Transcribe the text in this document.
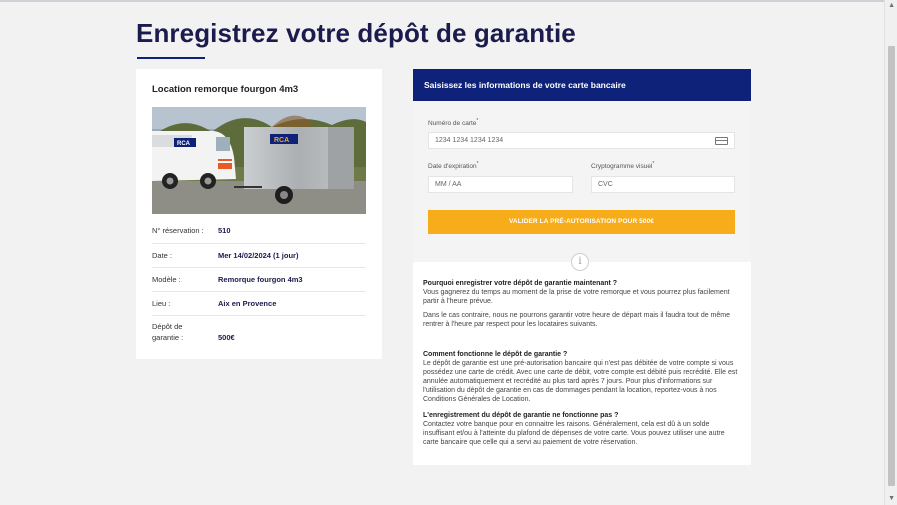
Enregistrez votre dépôt de garantie
Location remorque fourgon 4m3
RCA	RCA
N° réservation : 510
Date :	Mer 14/02/2024 (1 jour)
Modèle :	Remorque fourgon 4m3
Lieu :	Aix en Provence
Dépôt de
garantie :	500€
Saisissez les informations de votre carte bancaire
Numéro de carte*
1234 1234 1234 1234
Date d'expiration*
MM / AA
Cryptogramme visuel*
CVC
VALIDER LA PRÉ-AUTORISATION POUR 500€
i
Pourquoi enregistrer votre dépôt de garantie maintenant ?

Vous gagnerez du temps au moment de la prise de votre remorque et vous pourrez plus facilement partir à l'heure prévue.

Dans le cas contraire, nous ne pourrons garantir votre heure de départ mais il faudra tout de même rentrer à l'heure par respect pour les locataires suivants.

Comment fonctionne le dépôt de garantie ?

Le dépôt de garantie est une pré-autorisation bancaire qui n'est pas débitée de votre compte si vous possédez une carte de crédit. Avec une carte de débit, votre compte est débité puis recrédité. Elle est annulée automatiquement et recrédité au plus tard après 7 jours. Pour plus d'informations sur l'utilisation du dépôt de garantie en cas de dommages pendant la location, reportez-vous à nos Conditions Générales de Location.

L'enregistrement du dépôt de garantie ne fonctionne pas ?

Contactez votre banque pour en connaitre les raisons. Généralement, cela est dû à un solde insuffisant et/ou à l'atteinte du plafond de dépenses de votre carte. Vous pouvez utiliser une autre carte bancaire que celle qui a servi au paiement de votre réservation.

▲
▼
